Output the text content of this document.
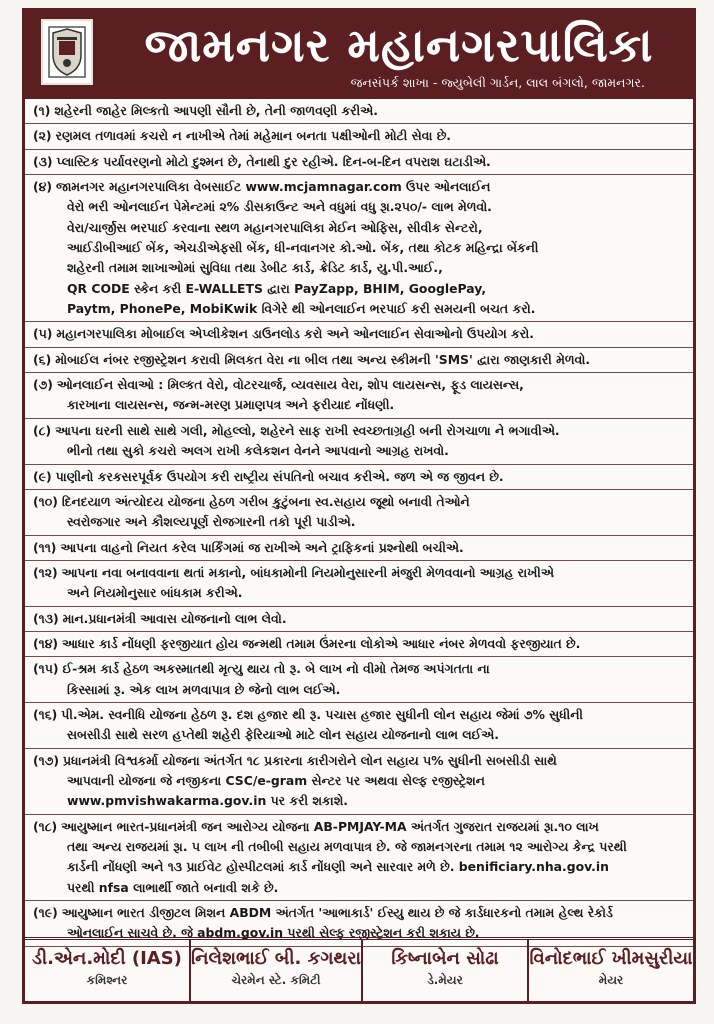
જામનગર મહાનગરપાલિકા
જનસંપર્ક શાખા - જ્યુબેલી ગાર્ડન, લાલ બંગલો, જામનગર.
(૧) શહેરની જાહેર મિલ્કતો આપણી સૌની છે, તેની જાળવણી કરીએ.
(૨) રણમલ તળાવમાં કચરો ન નાખીએ તેમાં મહેમાન બનતા પક્ષીઓની મોટી સેવા છે.
(૩) પ્લાસ્ટિક પર્યાવરણનો મોટો દુશ્મન છે, તેનાથી દુર રહીએ. દિન-બ-દિન વપરાશ ઘટાડીએ.
(૪) જામનગર મહાનગરપાલિકા વેબસાઈટ www.mcjamnagar.com ઉપર ઓનલાઈન
વેરો ભરી ઓનલાઈન પેમેન્ટમાં ૨% ડીસકાઉન્ટ અને વધુમાં વધુ રૂા.૨૫૦/- લાભ મેળવો.
વેરા/ચાર્જીસ ભરપાઈ કરવાના સ્થળ મહાનગરપાલિકા મેઈન ઓફિસ, સીવીક સેન્ટરો,
આઈડીબીઆઈ બેંક, એચડીએફસી બેંક, ધી-નવાનગર કો.ઓ. બેંક, તથા કોટક મહિન્દ્રા બેંકની
શહેરની તમામ શાખાઓમાં સુવિધા તથા ડેબીટ કાર્ડ, ક્રેડિટ કાર્ડ, યુ.પી.આઈ.,
QR CODE સ્કેન કરી E-WALLETS દ્વારા PayZapp, BHIM, GooglePay,
Paytm, PhonePe, MobiKwik વિગેરે થી ઓનલાઈન ભરપાઈ કરી સમયની બચત કરો.
(૫) મહાનગરપાલિકા મોબાઈલ એપ્લીકેશન ડાઉનલોડ કરો અને ઓનલાઈન સેવાઓનો ઉપયોગ કરો.
(૬) મોબાઈલ નંબર રજીસ્ટ્રેશન કરાવી મિલકત વેરા ના બીલ તથા અન્ય સ્કીમની 'SMS' દ્વારા જાણકારી મેળવો.
(૭) ઓનલાઈન સેવાઓ : મિલ્કત વેરો, વોટરચાર્જ, વ્યવસાય વેરા, શોપ લાયસન્સ, ફૂડ લાયસન્સ,
કારખાના લાયસન્સ, જન્મ-મરણ પ્રમાણપત્ર અને ફરીયાદ નોંધણી.
(૮) આપના ઘરની સાથે સાથે ગલી, મોહલ્લો, શહેરને સાફ રાખી સ્વચ્છતાગ્રહી બની રોગચાળા ને ભગાવીએ.
ભીનો તથા સુકો કચરો અલગ રાખી કલેકશન વેનને આપવાનો આગ્રહ રાખવો.
(૯) પાણીનો કરકસરપૂર્વક ઉપયોગ કરી રાષ્ટ્રીય સંપતિનો બચાવ કરીએ. જળ એ જ જીવન છે.
(૧૦) દિનદયાળ અંત્યોદય યોજના હેઠળ ગરીબ કુટુંબના સ્વ.સહાય જૂથો બનાવી તેઓને
સ્વરોજગાર અને કૌશલ્યપૂર્ણ રોજગારની તકો પૂરી પાડીએ.
(૧૧) આપના વાહનો નિયત કરેલ પાર્કિંગમાં જ રાખીએ અને ટ્રાફિકનાં પ્રશ્નોથી બચીએ.
(૧૨) આપના નવા બનાવવાના થતાં મકાનો, બાંધકામોની નિયમોનુસારની મંજુરી મેળવવાનો આગ્રહ રાખીએ
અને નિયમોનુસાર બાંધકામ કરીએ.
(૧૩) માન.પ્રધાનમંત્રી આવાસ યોજનાનો લાભ લેવો.
(૧૪) આધાર કાર્ડ નોંધણી ફરજીયાત હોય જન્મથી તમામ ઉંમરના લોકોએ આધાર નંબર મેળવવો ફરજીયાત છે.
(૧૫) ઈ-શ્રમ કાર્ડ હેઠળ અકસ્માતથી મૃત્યુ થાય તો રૂ. બે લાખ નો વીમો તેમજ અપંગતતા ના
કિસ્સામાં રૂ. એક લાખ મળવાપાત્ર છે જેનો લાભ લઈએ.
(૧૬) પી.એમ. સ્વનીધિ યોજના હેઠળ રૂ. દશ હજાર થી રૂ. પચાસ હજાર સુધીની લોન સહાય જેમાં ૭% સુધીની
સબસીડી સાથે સરળ હપ્તેથી શહેરી ફેરિયાઓ માટે લોન સહાય યોજનાનો લાભ લઈએ.
(૧૭) પ્રધાનમંત્રી વિશ્વકર્મા યોજના અંતર્ગત ૧૮ પ્રકારના કારીગરોને લોન સહાય ૫% સુધીની સબસીડી સાથે
આપવાની યોજના જે નજીકના CSC/e-gram સેન્ટર પર અથવા સેલ્ફ રજીસ્ટ્રેશન
www.pmvishwakarma.gov.in પર કરી શકાશે.
(૧૮) આયુષ્માન ભારત-પ્રધાનમંત્રી જન આરોગ્ય યોજના AB-PMJAY-MA અંતર્ગત ગુજરાત રાજયમાં રૂા.૧૦ લાખ
તથા અન્ય રાજયમાં રૂા. ૫ લાખ ની તબીબી સહાય મળવાપાત્ર છે. જે જામનગરના તમામ ૧૨ આરોગ્ય કેન્દ્ર પરથી
કાર્ડની નોંધણી અને ૧૩ પ્રાઈવેટ હોસ્પીટલમાં કાર્ડ નોંધણી અને સારવાર મળે છે. benificiary.nha.gov.in
પરથી nfsa લાભાર્થી જાતે બનાવી શકે છે.
(૧૯) આયુષ્માન ભારત ડીજીટલ મિશન ABDM અંતર્ગત 'આભાકાર્ડ' ઈસ્યુ થાય છે જે કાર્ડધારકનો તમામ હેલ્થ રેકોર્ડ
ઓનલાઈન સાચવે છે. જે abdm.gov.in પરથી સેલ્ફ રજીસ્ટ્રેશન કરી શકાય છે.
ડી.એન.મોદી (IAS)
કમિશ્નર
નિલેશભાઈ બી. કગથરા
ચેરમેન સ્ટે. કમિટી
કિષ્નાબેન સોઢા
ડે.મેયર
વિનોદભાઈ ખીમસુરીયા
મેયર
